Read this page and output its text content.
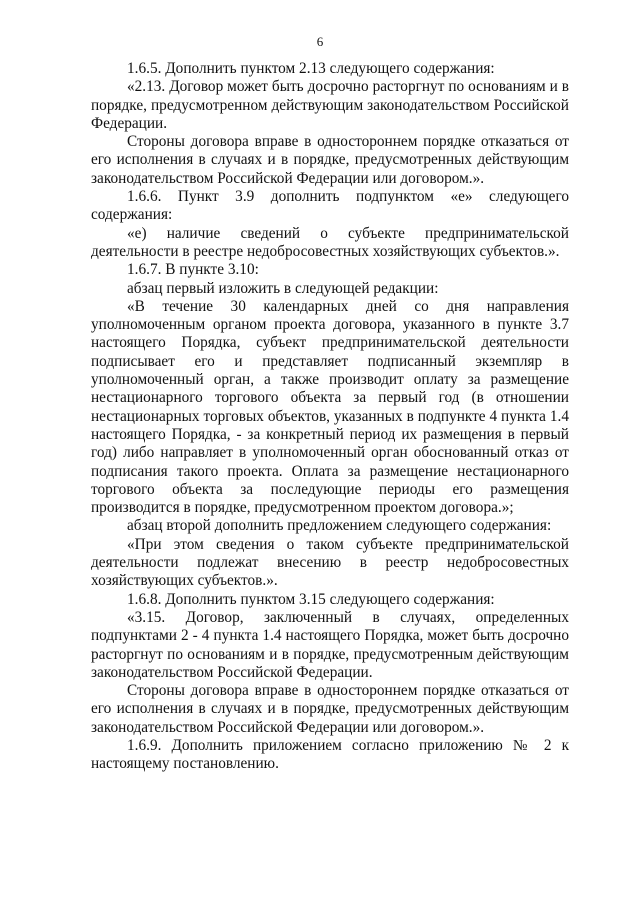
6

1.6.5. Дополнить пунктом 2.13 следующего содержания:

«2.13. Договор может быть досрочно расторгнут по основаниям и в порядке, предусмотренном действующим законодательством Российской Федерации.

Стороны договора вправе в одностороннем порядке отказаться от его исполнения в случаях и в порядке, предусмотренных действующим законодательством Российской Федерации или договором.».

1.6.6. Пункт 3.9 дополнить подпунктом «е» следующего содержания:

«е) наличие сведений о субъекте предпринимательской деятельности в реестре недобросовестных хозяйствующих субъектов.».

1.6.7. В пункте 3.10:

абзац первый изложить в следующей редакции:

«В течение 30 календарных дней со дня направления уполномоченным органом проекта договора, указанного в пункте 3.7 настоящего Порядка, субъект предпринимательской деятельности подписывает его и представляет подписанный экземпляр в уполномоченный орган, а также производит оплату за размещение нестационарного торгового объекта за первый год (в отношении нестационарных торговых объектов, указанных в подпункте 4 пункта 1.4 настоящего Порядка, - за конкретный период их размещения в первый год) либо направляет в уполномоченный орган обоснованный отказ от подписания такого проекта. Оплата за размещение нестационарного торгового объекта за последующие периоды его размещения производится в порядке, предусмотренном проектом договора.»;

абзац второй дополнить предложением следующего содержания:

«При этом сведения о таком субъекте предпринимательской деятельности подлежат внесению в реестр недобросовестных хозяйствующих субъектов.».

1.6.8. Дополнить пунктом 3.15 следующего содержания:

«3.15. Договор, заключенный в случаях, определенных подпунктами 2 - 4 пункта 1.4 настоящего Порядка, может быть досрочно расторгнут по основаниям и в порядке, предусмотренным действующим законодательством Российской Федерации.

Стороны договора вправе в одностороннем порядке отказаться от его исполнения в случаях и в порядке, предусмотренных действующим законодательством Российской Федерации или договором.».

1.6.9. Дополнить приложением согласно приложению № 2 к настоящему постановлению.
